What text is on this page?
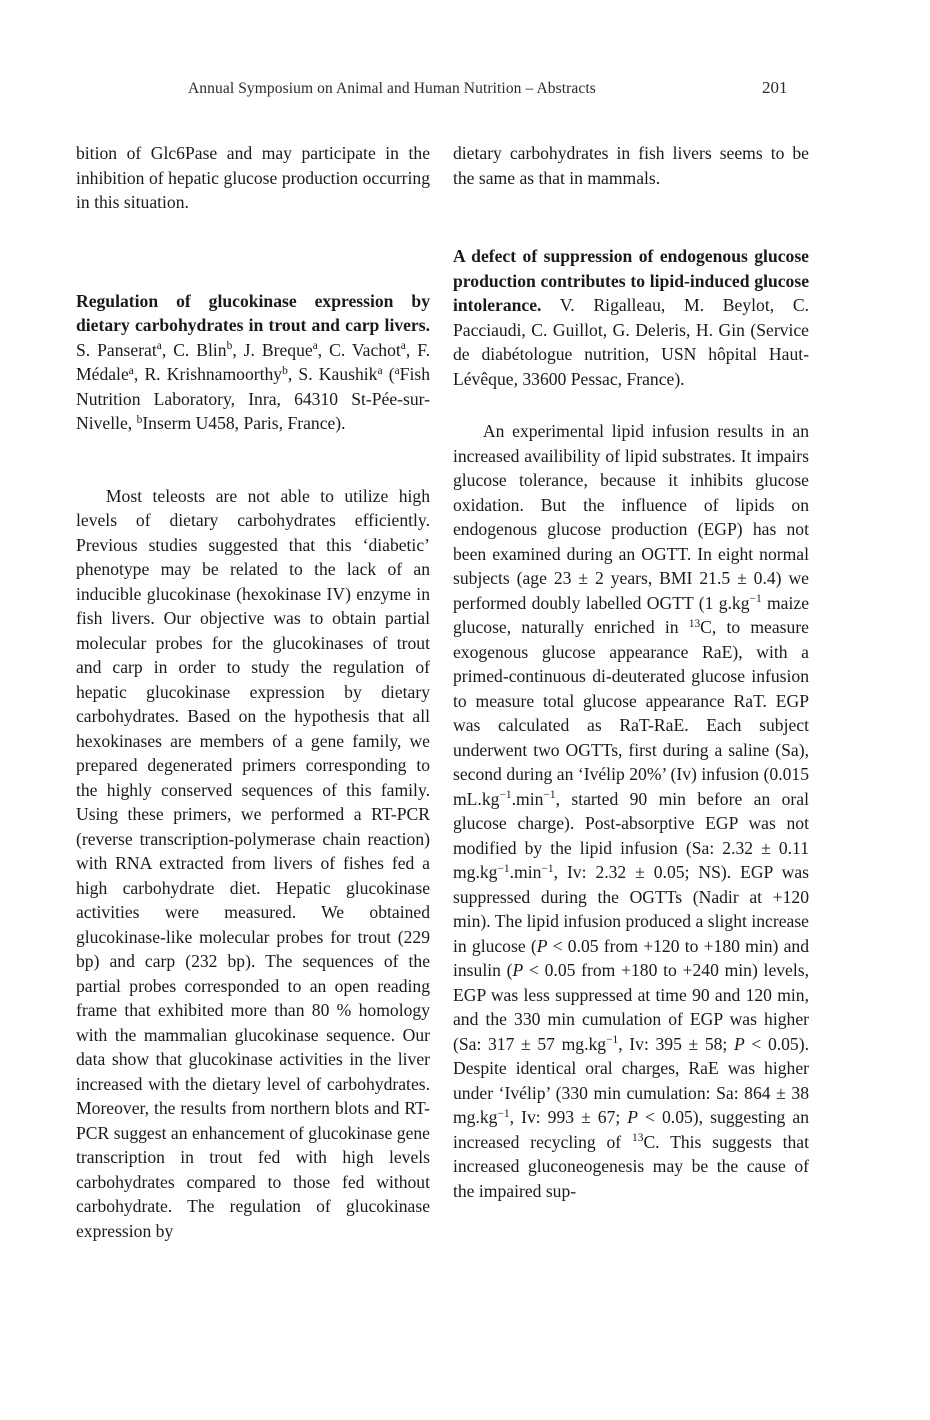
Annual Symposium on Animal and Human Nutrition – Abstracts	201

bition of Glc6Pase and may participate in the inhibition of hepatic glucose production occurring in this situation.

Regulation of glucokinase expression by dietary carbohydrates in trout and carp livers. S. Panserat$^a$, C. Blin$^b$, J. Breque$^a$, C. Vachot$^a$, F. Médale$^a$, R. Krishnamoorthy$^b$, S. Kaushik$^a$ ($^a$Fish Nutrition Laboratory, Inra, 64310 St-Pée-sur-Nivelle, $^b$Inserm U458, Paris, France).

Most teleosts are not able to utilize high levels of dietary carbohydrates efficiently. Previous studies suggested that this ‘diabetic’ phenotype may be related to the lack of an inducible glucokinase (hexokinase IV) enzyme in fish livers. Our objective was to obtain partial molecular probes for the glucokinases of trout and carp in order to study the regulation of hepatic glucokinase expression by dietary carbohydrates. Based on the hypothesis that all hexokinases are members of a gene family, we prepared degenerated primers corresponding to the highly conserved sequences of this family. Using these primers, we performed a RT-PCR (reverse transcription-polymerase chain reaction) with RNA extracted from livers of fishes fed a high carbohydrate diet. Hepatic glucokinase activities were measured. We obtained glucokinase-like molecular probes for trout (229 bp) and carp (232 bp). The sequences of the partial probes corresponded to an open reading frame that exhibited more than 80 % homology with the mammalian glucokinase sequence. Our data show that glucokinase activities in the liver increased with the dietary level of carbohydrates. Moreover, the results from northern blots and RT-PCR suggest an enhancement of glucokinase gene transcription in trout fed with high levels carbohydrates compared to those fed without carbohydrate. The regulation of glucokinase expression by

dietary carbohydrates in fish livers seems to be the same as that in mammals.

A defect of suppression of endogenous glucose production contributes to lipid-induced glucose intolerance. V. Rigalleau, M. Beylot, C. Pacciaudi, C. Guillot, G. Deleris, H. Gin (Service de diabétologue nutrition, USN hôpital Haut-Lévêque, 33600 Pessac, France).

An experimental lipid infusion results in an increased availibility of lipid substrates. It impairs glucose tolerance, because it inhibits glucose oxidation. But the influence of lipids on endogenous glucose production (EGP) has not been examined during an OGTT. In eight normal subjects (age 23 ± 2 years, BMI 21.5 ± 0.4) we performed doubly labelled OGTT (1 $g.kg^{-1}$ maize glucose, naturally enriched in $^{13}$C, to measure exogenous glucose appearance RaE), with a primed-continuous di-deuterated glucose infusion to measure total glucose appearance RaT. EGP was calculated as RaT-RaE. Each subject underwent two OGTTs, first during a saline (Sa), second during an ‘Ivélip 20%’ (Iv) infusion (0.015 $mL.kg^{-1}.\min^{-1}$, started 90 min before an oral glucose charge). Post-absorptive EGP was not modified by the lipid infusion (Sa: 2.32 ± 0.11 $mg.kg^{-1}.\min^{-1}$, Iv: 2.32 ± 0.05; NS). EGP was suppressed during the OGTTs (Nadir at +120 min). The lipid infusion produced a slight increase in glucose (P < 0.05 from +120 to +180 min) and insulin (P < 0.05 from +180 to +240 min) levels, EGP was less suppressed at time 90 and 120 min, and the 330 min cumulation of EGP was higher (Sa: 317 ± 57 $mg.kg^{-1}$, Iv: 395 ± 58; P < 0.05). Despite identical oral charges, RaE was higher under ‘Ivélip’ (330 min cumulation: Sa: 864 ± 38 $mg.kg^{-1}$, Iv: 993 ± 67; P < 0.05), suggesting an increased recycling of $^{13}$C. This suggests that increased gluconeogenesis may be the cause of the impaired sup-
